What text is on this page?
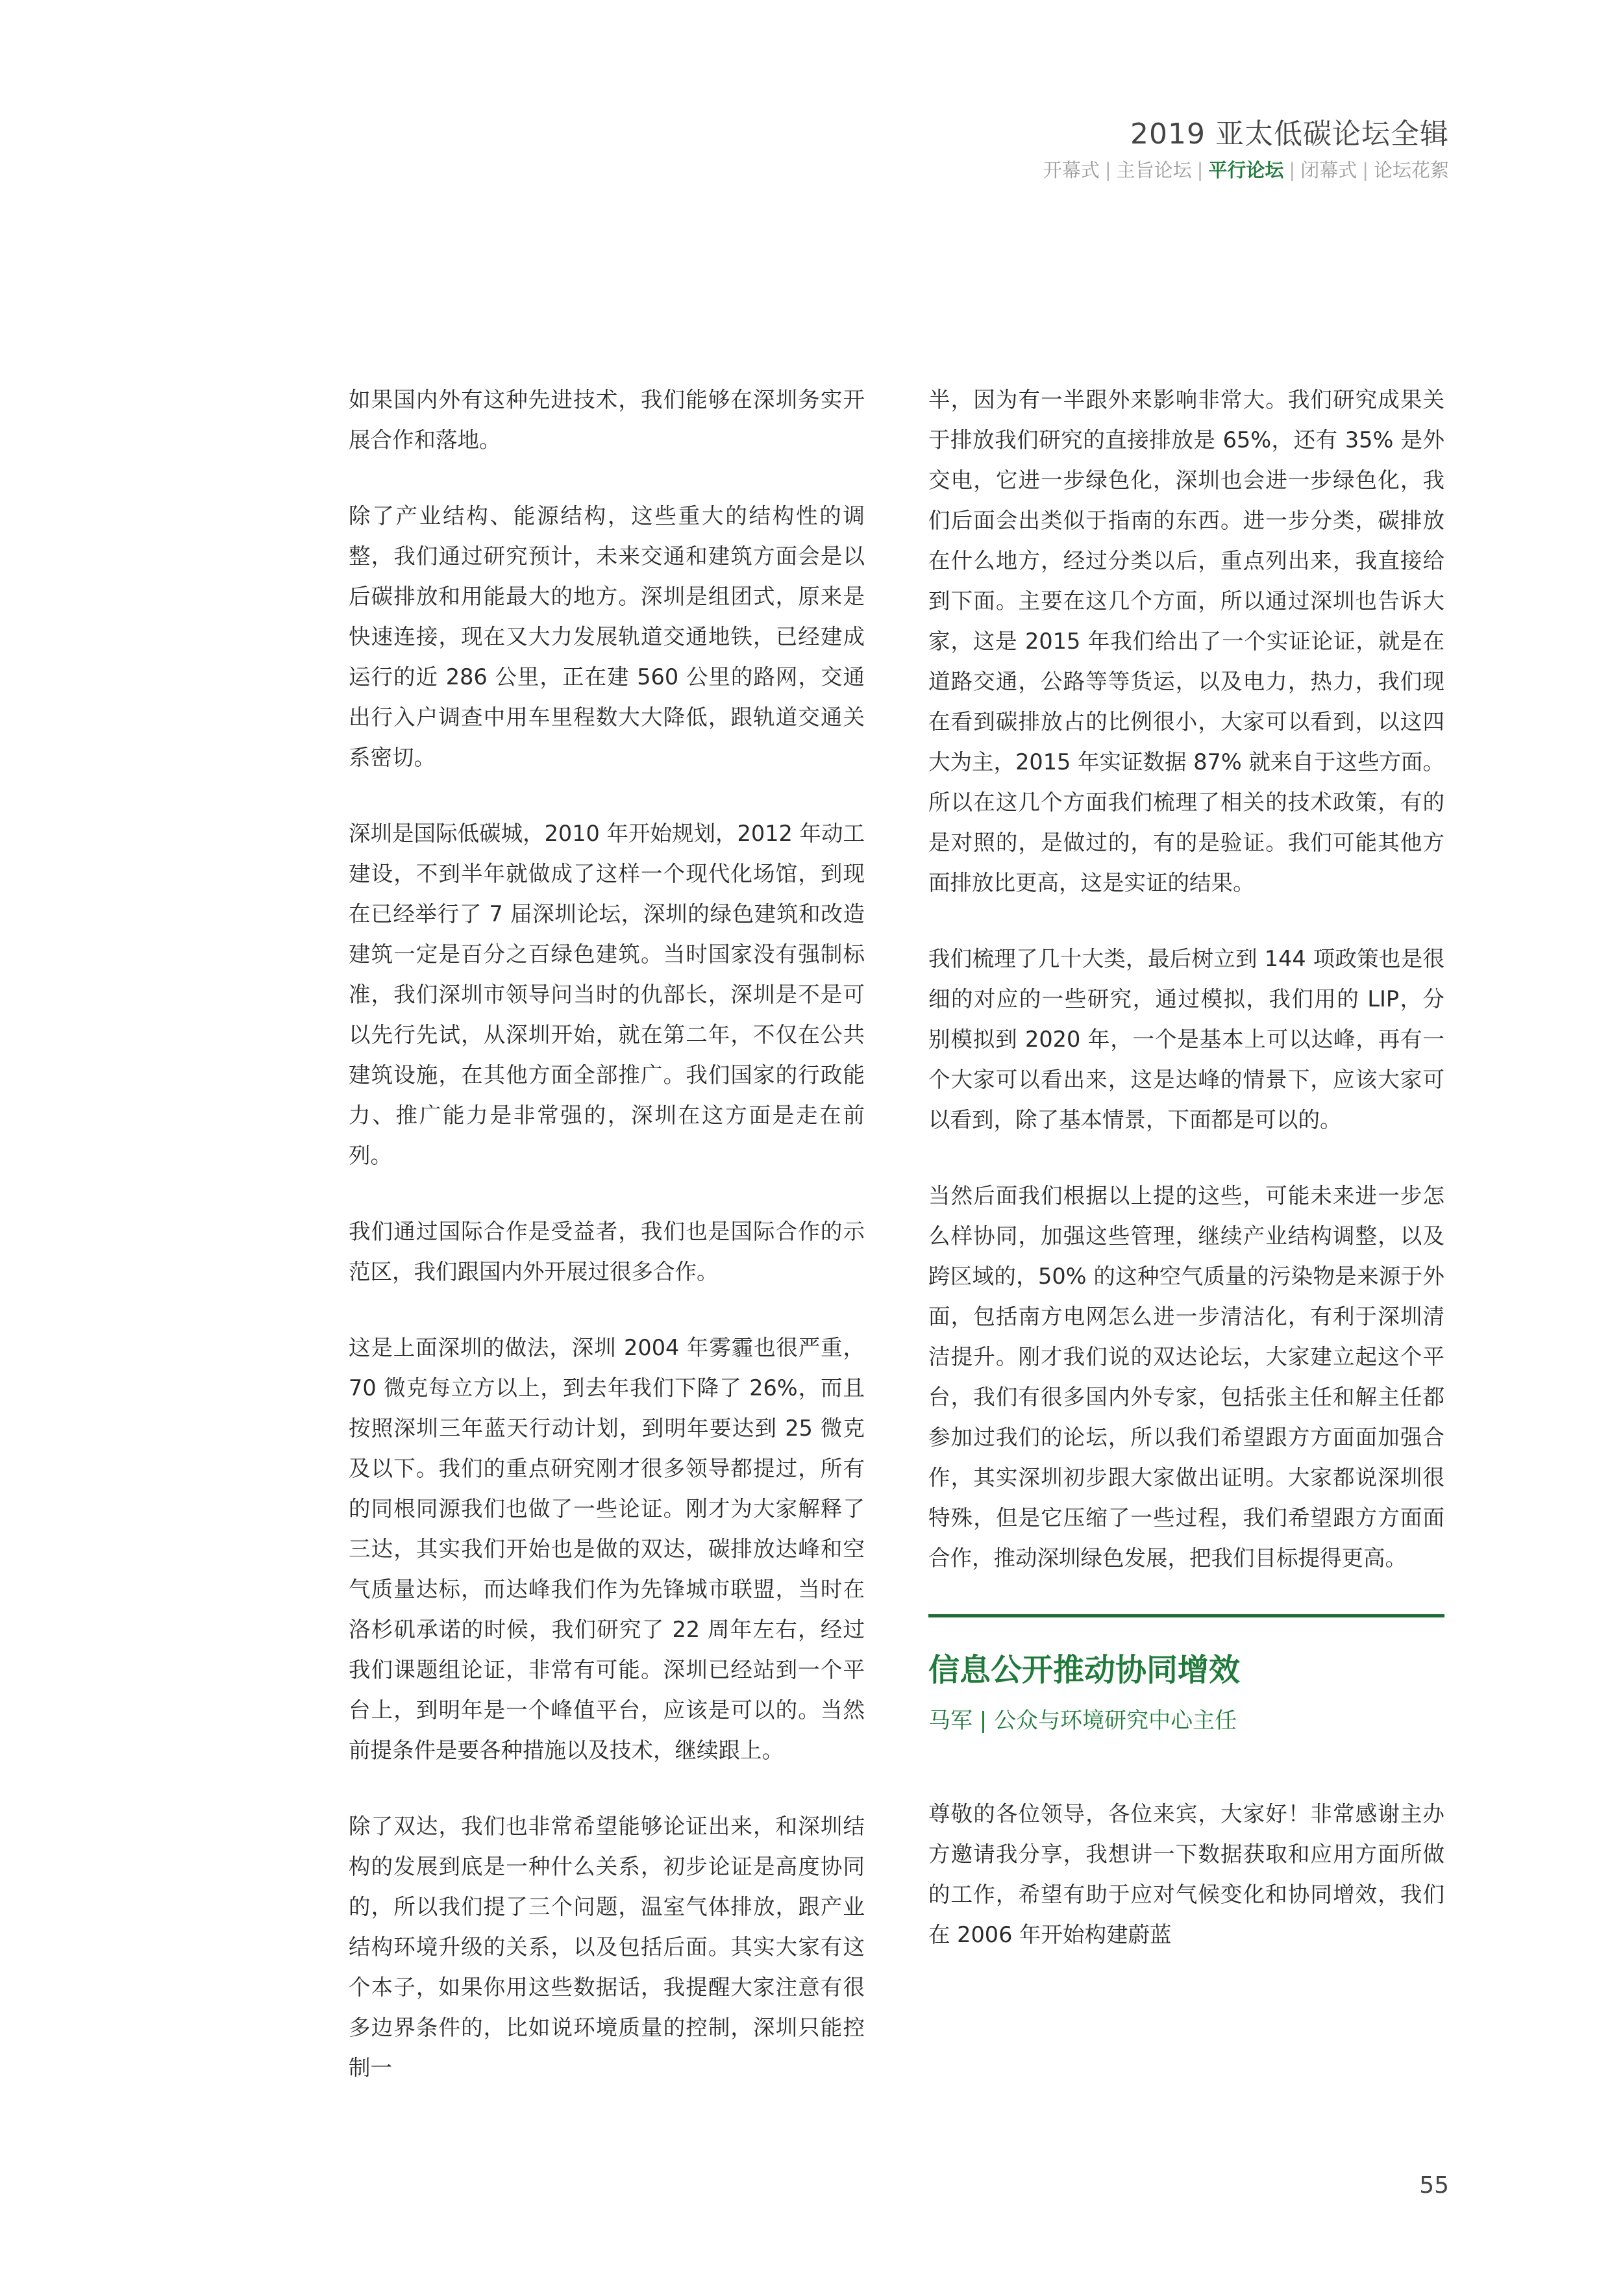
2019 亚太低碳论坛全辑
开幕式 | 主旨论坛 | 平行论坛 | 闭幕式 | 论坛花絮

如果国内外有这种先进技术，我们能够在深圳务实开展合作和落地。

除了产业结构、能源结构，这些重大的结构性的调整，我们通过研究预计，未来交通和建筑方面会是以后碳排放和用能最大的地方。深圳是组团式，原来是快速连接，现在又大力发展轨道交通地铁，已经建成运行的近 286 公里，正在建 560 公里的路网，交通出行入户调查中用车里程数大大降低，跟轨道交通关系密切。

深圳是国际低碳城，2010 年开始规划，2012 年动工建设，不到半年就做成了这样一个现代化场馆，到现在已经举行了 7 届深圳论坛，深圳的绿色建筑和改造建筑一定是百分之百绿色建筑。当时国家没有强制标准，我们深圳市领导问当时的仇部长，深圳是不是可以先行先试，从深圳开始，就在第二年，不仅在公共建筑设施，在其他方面全部推广。我们国家的行政能力、推广能力是非常强的，深圳在这方面是走在前列。

我们通过国际合作是受益者，我们也是国际合作的示范区，我们跟国内外开展过很多合作。

这是上面深圳的做法，深圳 2004 年雾霾也很严重，70 微克每立方以上，到去年我们下降了 26%，而且按照深圳三年蓝天行动计划，到明年要达到 25 微克及以下。我们的重点研究刚才很多领导都提过，所有的同根同源我们也做了一些论证。刚才为大家解释了三达，其实我们开始也是做的双达，碳排放达峰和空气质量达标，而达峰我们作为先锋城市联盟，当时在洛杉矶承诺的时候，我们研究了 22 周年左右，经过我们课题组论证，非常有可能。深圳已经站到一个平台上，到明年是一个峰值平台，应该是可以的。当然前提条件是要各种措施以及技术，继续跟上。

除了双达，我们也非常希望能够论证出来，和深圳结构的发展到底是一种什么关系，初步论证是高度协同的，所以我们提了三个问题，温室气体排放，跟产业结构环境升级的关系，以及包括后面。其实大家有这个本子，如果你用这些数据话，我提醒大家注意有很多边界条件的，比如说环境质量的控制，深圳只能控制一

半，因为有一半跟外来影响非常大。我们研究成果关于排放我们研究的直接排放是 65%，还有 35% 是外交电，它进一步绿色化，深圳也会进一步绿色化，我们后面会出类似于指南的东西。进一步分类，碳排放在什么地方，经过分类以后，重点列出来，我直接给到下面。主要在这几个方面，所以通过深圳也告诉大家，这是 2015 年我们给出了一个实证论证，就是在道路交通，公路等等货运，以及电力，热力，我们现在看到碳排放占的比例很小，大家可以看到，以这四大为主，2015 年实证数据 87% 就来自于这些方面。所以在这几个方面我们梳理了相关的技术政策，有的是对照的，是做过的，有的是验证。我们可能其他方面排放比更高，这是实证的结果。

我们梳理了几十大类，最后树立到 144 项政策也是很细的对应的一些研究，通过模拟，我们用的 LIP，分别模拟到 2020 年，一个是基本上可以达峰，再有一个大家可以看出来，这是达峰的情景下，应该大家可以看到，除了基本情景，下面都是可以的。

当然后面我们根据以上提的这些，可能未来进一步怎么样协同，加强这些管理，继续产业结构调整，以及跨区域的，50% 的这种空气质量的污染物是来源于外面，包括南方电网怎么进一步清洁化，有利于深圳清洁提升。刚才我们说的双达论坛，大家建立起这个平台，我们有很多国内外专家，包括张主任和解主任都参加过我们的论坛，所以我们希望跟方方面面加强合作，其实深圳初步跟大家做出证明。大家都说深圳很特殊，但是它压缩了一些过程，我们希望跟方方面面合作，推动深圳绿色发展，把我们目标提得更高。

信息公开推动协同增效
马军 | 公众与环境研究中心主任

尊敬的各位领导，各位来宾，大家好！非常感谢主办方邀请我分享，我想讲一下数据获取和应用方面所做的工作，希望有助于应对气候变化和协同增效，我们在 2006 年开始构建蔚蓝

55
